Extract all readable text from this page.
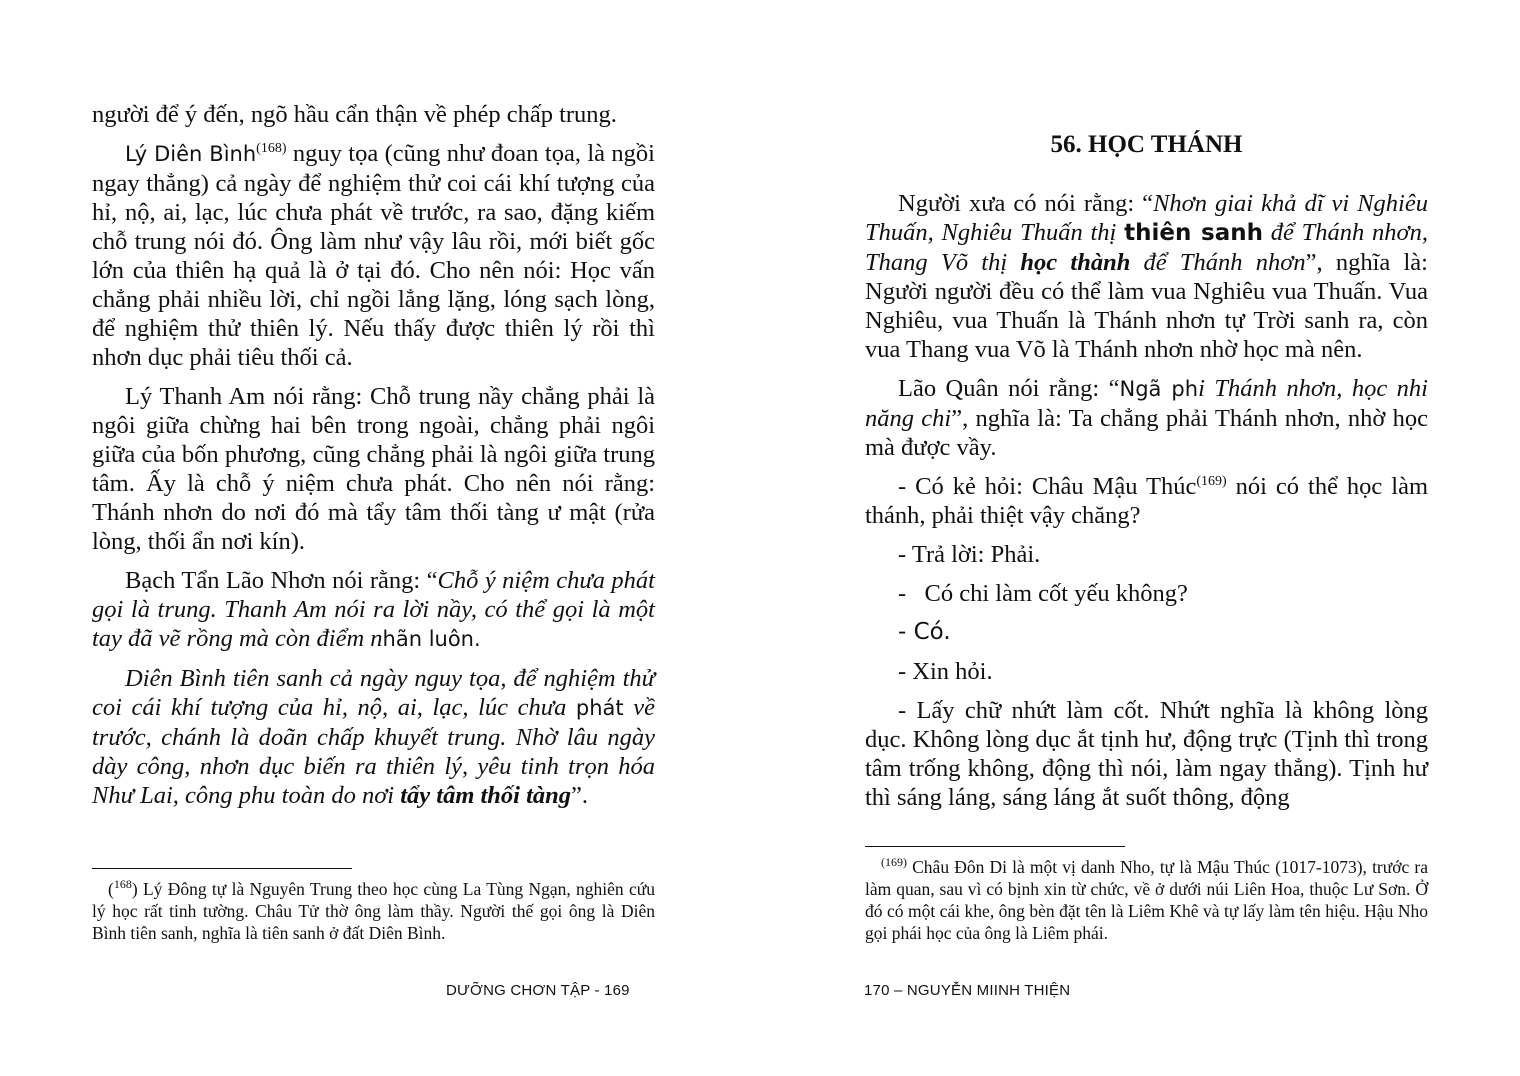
người để ý đến, ngõ hầu cẩn thận về phép chấp trung.

Lý Diên Bình$^{(168)}$ nguy tọa (cũng như đoan tọa, là ngồi ngay thẳng) cả ngày để nghiệm thử coi cái khí tượng của hỉ, nộ, ai, lạc, lúc chưa phát về trước, ra sao, đặng kiếm chỗ trung nói đó. Ông làm như vậy lâu rồi, mới biết gốc lớn của thiên hạ quả là ở tại đó. Cho nên nói: Học vấn chẳng phải nhiều lời, chỉ ngồi lẳng lặng, lóng sạch lòng, để nghiệm thử thiên lý. Nếu thấy được thiên lý rồi thì nhơn dục phải tiêu thối cả.

Lý Thanh Am nói rằng: Chỗ trung nầy chẳng phải là ngôi giữa chừng hai bên trong ngoài, chẳng phải ngôi giữa của bốn phương, cũng chẳng phải là ngôi giữa trung tâm. Ấy là chỗ ý niệm chưa phát. Cho nên nói rằng: Thánh nhơn do nơi đó mà tẩy tâm thối tàng ư mật (rửa lòng, thối ẩn nơi kín).

Bạch Tẩn Lão Nhơn nói rằng: “Chỗ ý niệm chưa phát gọi là trung. Thanh Am nói ra lời nầy, có thể gọi là một tay đã vẽ rồng mà còn điểm nhãn luôn.

Diên Bình tiên sanh cả ngày nguy tọa, để nghiệm thử coi cái khí tượng của hỉ, nộ, ai, lạc, lúc chưa phát về trước, chánh là doãn chấp khuyết trung. Nhờ lâu ngày dày công, nhơn dục biến ra thiên lý, yêu tinh trọn hóa Như Lai, công phu toàn do nơi tẩy tâm thối tàng”.

($^{168}$) Lý Đông tự là Nguyên Trung theo học cùng La Tùng Ngạn, nghiên cứu lý học rất tinh tường. Châu Tử thờ ông làm thầy. Người thế gọi ông là Diên Bình tiên sanh, nghĩa là tiên sanh ở đất Diên Bình.
DƯỠNG CHƠN TẬP - 169
56. HỌC THÁNH

Người xưa có nói rằng: “Nhơn giai khả dĩ vi Nghiêu Thuấn, Nghiêu Thuấn thị thiên sanh để Thánh nhơn, Thang Võ thị học thành để Thánh nhơn”, nghĩa là: Người người đều có thể làm vua Nghiêu vua Thuấn. Vua Nghiêu, vua Thuấn là Thánh nhơn tự Trời sanh ra, còn vua Thang vua Võ là Thánh nhơn nhờ học mà nên.

Lão Quân nói rằng: “Ngã phi Thánh nhơn, học nhi năng chi”, nghĩa là: Ta chẳng phải Thánh nhơn, nhờ học mà được vầy.

- Có kẻ hỏi: Châu Mậu Thúc$^{(169)}$ nói có thể học làm thánh, phải thiệt vậy chăng?

- Trả lời: Phải.

-   Có chi làm cốt yếu không?

- Có.

- Xin hỏi.

- Lấy chữ nhứt làm cốt. Nhứt nghĩa là không lòng dục. Không lòng dục ắt tịnh hư, động trực (Tịnh thì trong tâm trống không, động thì nói, làm ngay thẳng). Tịnh hư thì sáng láng, sáng láng ắt suốt thông, động

$^{(169)}$ Châu Đôn Di là một vị danh Nho, tự là Mậu Thúc (1017-1073), trước ra làm quan, sau vì có bịnh xin từ chức, về ở dưới núi Liên Hoa, thuộc Lư Sơn. Ở đó có một cái khe, ông bèn đặt tên là Liêm Khê và tự lấy làm tên hiệu. Hậu Nho gọi phái học của ông là Liêm phái.
170 – NGUYỄN MIINH THIỆN
